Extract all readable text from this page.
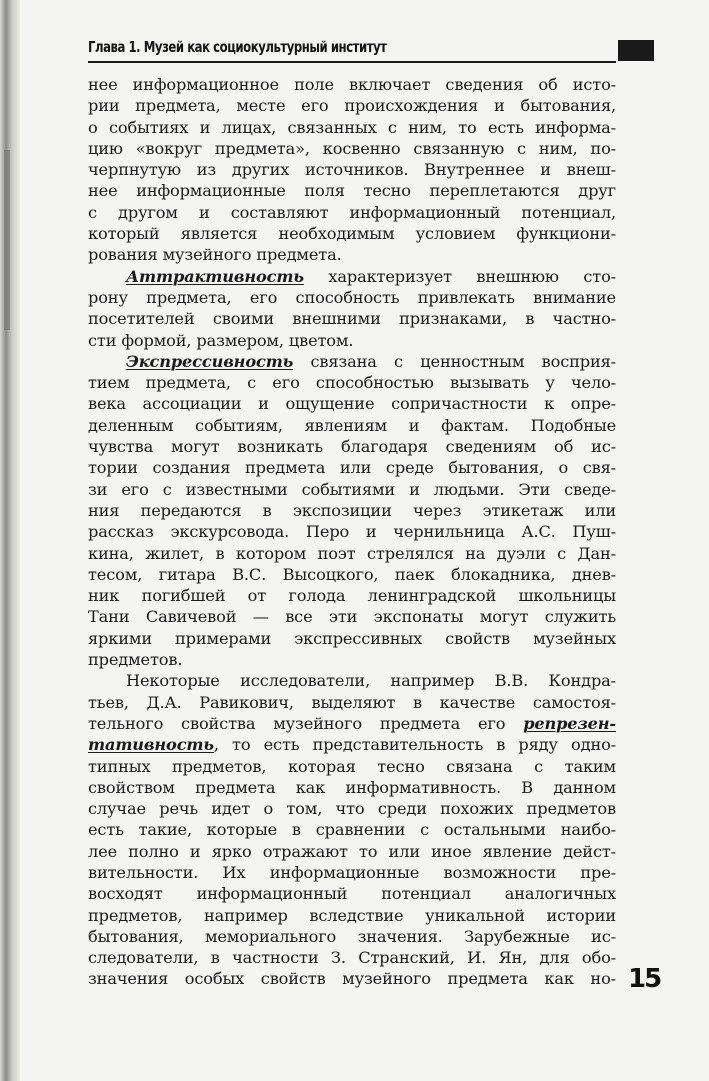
Глава 1. Музей как социокультурный институт
нее информационное поле включает сведения об исто-
рии предмета, месте его происхождения и бытования,
о событиях и лицах, связанных с ним, то есть информа-
цию «вокруг предмета», косвенно связанную с ним, по-
черпнутую из других источников. Внутреннее и внеш-
нее информационные поля тесно переплетаются друг
с другом и составляют информационный потенциал,
который является необходимым условием функциони-
рования музейного предмета.
Аттрактивность характеризует внешнюю сто-
рону предмета, его способность привлекать внимание
посетителей своими внешними признаками, в частно-
сти формой, размером, цветом.
Экспрессивность связана с ценностным восприя-
тием предмета, с его способностью вызывать у чело-
века ассоциации и ощущение сопричастности к опре-
деленным событиям, явлениям и фактам. Подобные
чувства могут возникать благодаря сведениям об ис-
тории создания предмета или среде бытования, о свя-
зи его с известными событиями и людьми. Эти сведе-
ния передаются в экспозиции через этикетаж или
рассказ экскурсовода. Перо и чернильница А.С. Пуш-
кина, жилет, в котором поэт стрелялся на дуэли с Дан-
тесом, гитара В.С. Высоцкого, паек блокадника, днев-
ник погибшей от голода ленинградской школьницы
Тани Савичевой — все эти экспонаты могут служить
яркими примерами экспрессивных свойств музейных
предметов.
Некоторые исследователи, например В.В. Кондра-
тьев, Д.А. Равикович, выделяют в качестве самостоя-
тельного свойства музейного предмета его репрезен-
тативность, то есть представительность в ряду одно-
типных предметов, которая тесно связана с таким
свойством предмета как информативность. В данном
случае речь идет о том, что среди похожих предметов
есть такие, которые в сравнении с остальными наибо-
лее полно и ярко отражают то или иное явление дейст-
вительности. Их информационные возможности пре-
восходят информационный потенциал аналогичных
предметов, например вследствие уникальной истории
бытования, мемориального значения. Зарубежные ис-
следователи, в частности З. Странский, И. Ян, для обо-
значения особых свойств музейного предмета как но- 15
